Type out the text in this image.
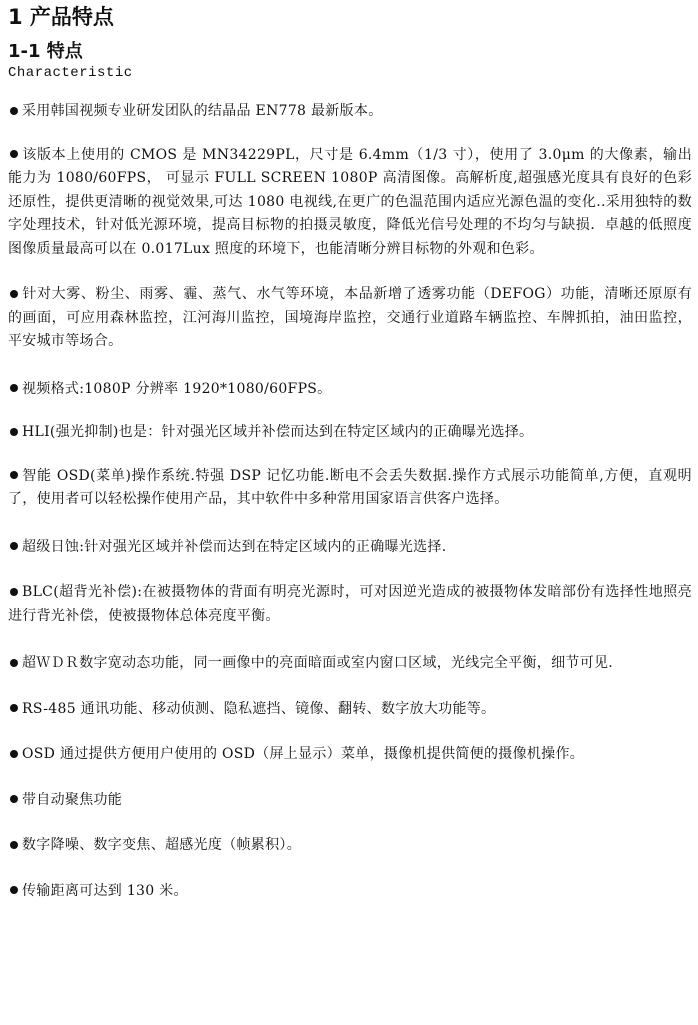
1 产品特点
1-1 特点

Characteristic

采用韩国视频专业研发团队的结晶品 EN778 最新版本。

该版本上使用的 CMOS 是 MN34229PL，尺寸是 6.4mm（1/3 寸），使用了 3.0μm 的大像素，输出能力为 1080/60FPS， 可显示 FULL SCREEN 1080P 高清图像。高解析度,超强感光度具有良好的色彩还原性，提供更清晰的视觉效果,可达 1080 电视线,在更广的色温范围内适应光源色温的变化..采用独特的数字处理技术，针对低光源环境，提高目标物的拍摄灵敏度，降低光信号处理的不均匀与缺损．卓越的低照度图像质量最高可以在 0.017Lux 照度的环境下，也能清晰分辨目标物的外观和色彩。

针对大雾、粉尘、雨雾、霾、蒸气、水气等环境，本品新增了透雾功能（DEFOG）功能，清晰还原原有的画面，可应用森林监控，江河海川监控，国境海岸监控，交通行业道路车辆监控、车牌抓拍，油田监控，平安城市等场合。

视频格式:1080P 分辨率 1920*1080/60FPS。

HLI(强光抑制)也是：针对强光区域并补偿而达到在特定区域内的正确曝光选择。

智能 OSD(菜单)操作系统.特强 DSP 记忆功能.断电不会丢失数据.操作方式展示功能简单,方便，直观明了，使用者可以轻松操作使用产品，其中软件中多种常用国家语言供客户选择。

超级日蚀:针对强光区域并补偿而达到在特定区域内的正确曝光选择.

BLC(超背光补偿):在被摄物体的背面有明亮光源时，可对因逆光造成的被摄物体发暗部份有选择性地照亮进行背光补偿，使被摄物体总体亮度平衡。

超ＷＤＲ数字宽动态功能，同一画像中的亮面暗面或室内窗口区域，光线完全平衡，细节可见.

RS-485 通讯功能、移动侦测、隐私遮挡、镜像、翻转、数字放大功能等。

OSD 通过提供方便用户使用的 OSD（屏上显示）菜单，摄像机提供简便的摄像机操作。

带自动聚焦功能

数字降噪、数字变焦、超感光度（帧累积）。

传输距离可达到 130 米。
